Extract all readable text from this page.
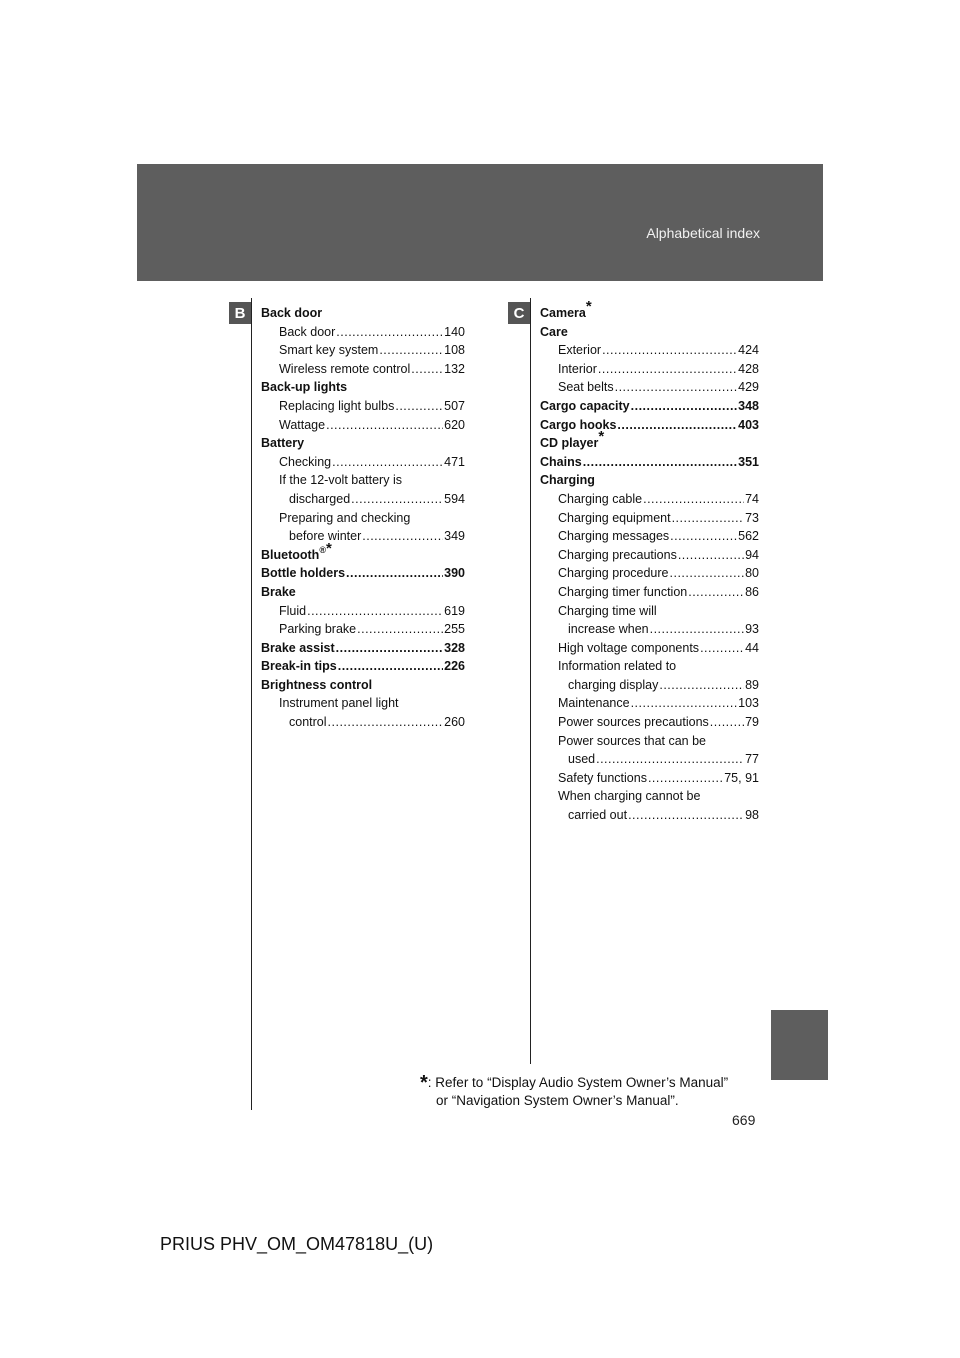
Alphabetical index
B	C
Back door
Back door .....	140
Smart key system .....	108
Wireless remote control .....	132
Back-up lights
Replacing light bulbs .....	507
Wattage .....	620
Battery
Checking .....	471
If the 12-volt battery is
discharged .....	594
Preparing and checking
before winter .....	349
Bluetooth®*
Bottle holders .....	390
Brake
Fluid .....	619
Parking brake .....	255
Brake assist .....	328
Break-in tips .....	226
Brightness control
Instrument panel light
control .....	260
Camera*
Care
Exterior .....	424
Interior .....	428
Seat belts .....	429
Cargo capacity .....	348
Cargo hooks .....	403
CD player*
Chains .....	351
Charging
Charging cable .....	74
Charging equipment .....	73
Charging messages .....	562
Charging precautions .....	94
Charging procedure .....	80
Charging timer function .....	86
Charging time will
increase when .....	93
High voltage components .....	44
Information related to
charging display .....	89
Maintenance .....	103
Power sources precautions .....	79
Power sources that can be
used .....	77
Safety functions .....	75, 91
When charging cannot be
carried out .....	98
*: Refer to “Display Audio System Owner’s Manual”
or “Navigation System Owner’s Manual”.
669
PRIUS PHV_OM_OM47818U_(U)
